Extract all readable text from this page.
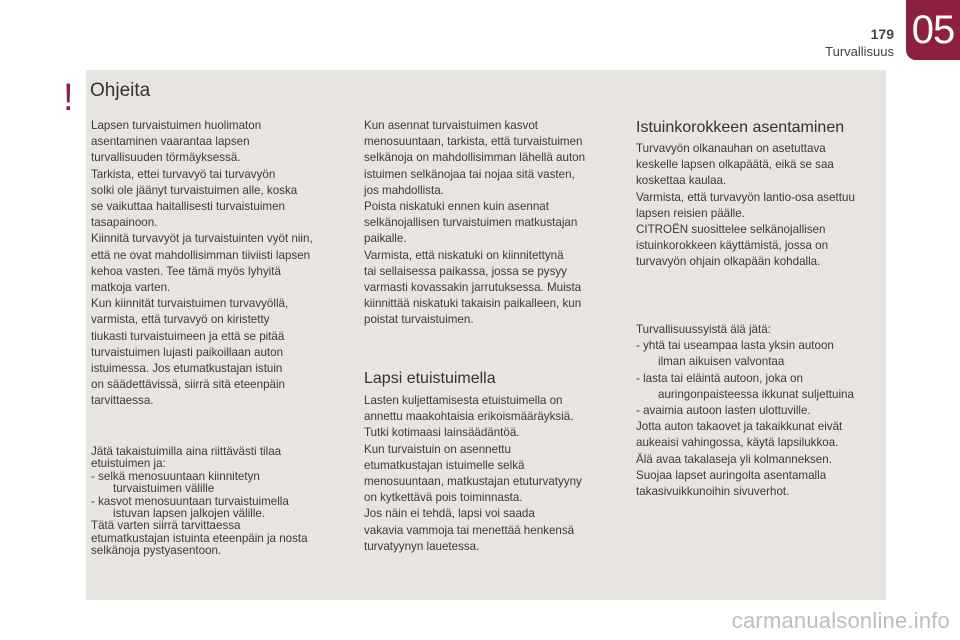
05
179
Turvallisuus
! Ohjeita

Lapsen turvaistuimen huolimaton

asentaminen vaarantaa lapsen

turvallisuuden törmäyksessä.

Tarkista, ettei turvavyö tai turvavyön

solki ole jäänyt turvaistuimen alle, koska

se vaikuttaa haitallisesti turvaistuimen

tasapainoon.

Kiinnitä turvavyöt ja turvaistuinten vyöt niin,

että ne ovat mahdollisimman tiiviisti lapsen

kehoa vasten. Tee tämä myös lyhyitä

matkoja varten.

Kun kiinnität turvaistuimen turvavyöllä,

varmista, että turvavyö on kiristetty

tiukasti turvaistuimeen ja että se pitää

turvaistuimen lujasti paikoillaan auton

istuimessa. Jos etumatkustajan istuin

on säädettävissä, siirrä sitä eteenpäin

tarvittaessa.

Jätä takaistuimilla aina riittävästi tilaa

etuistuimen ja:

- selkä menosuuntaan kiinnitetyn

turvaistuimen välille

- kasvot menosuuntaan turvaistuimella

istuvan lapsen jalkojen välille.

Tätä varten siirrä tarvittaessa

etumatkustajan istuinta eteenpäin ja nosta

selkänoja pystyasentoon.

Kun asennat turvaistuimen kasvot

menosuuntaan, tarkista, että turvaistuimen

selkänoja on mahdollisimman lähellä auton

istuimen selkänojaa tai nojaa sitä vasten,

jos mahdollista.

Poista niskatuki ennen kuin asennat

selkänojallisen turvaistuimen matkustajan

paikalle.

Varmista, että niskatuki on kiinnitettynä

tai sellaisessa paikassa, jossa se pysyy

varmasti kovassakin jarrutuksessa. Muista

kiinnittää niskatuki takaisin paikalleen, kun

poistat turvaistuimen.

Lapsi etuistuimella

Lasten kuljettamisesta etuistuimella on

annettu maakohtaisia erikoismääräyksiä.

Tutki kotimaasi lainsäädäntöä.

Kun turvaistuin on asennettu

etumatkustajan istuimelle selkä

menosuuntaan, matkustajan etuturvatyyny

on kytkettävä pois toiminnasta.

Jos näin ei tehdä, lapsi voi saada

vakavia vammoja tai menettää henkensä

turvatyynyn lauetessa.

Istuinkorokkeen asentaminen

Turvavyön olkanauhan on asetuttava

keskelle lapsen olkapäätä, eikä se saa

koskettaa kaulaa.

Varmista, että turvavyön lantio-osa asettuu

lapsen reisien päälle.

CITROËN suosittelee selkänojallisen

istuinkorokkeen käyttämistä, jossa on

turvavyön ohjain olkapään kohdalla.

Turvallisuussyistä älä jätä:

- yhtä tai useampaa lasta yksin autoon

ilman aikuisen valvontaa

- lasta tai eläintä autoon, joka on

auringonpaisteessa ikkunat suljettuina

- avaimia autoon lasten ulottuville.

Jotta auton takaovet ja takaikkunat eivät

aukeaisi vahingossa, käytä lapsilukkoa.

Älä avaa takalaseja yli kolmanneksen.

Suojaa lapset auringolta asentamalla

takasivuikkunoihin sivuverhot.

carmanualsonline.info
